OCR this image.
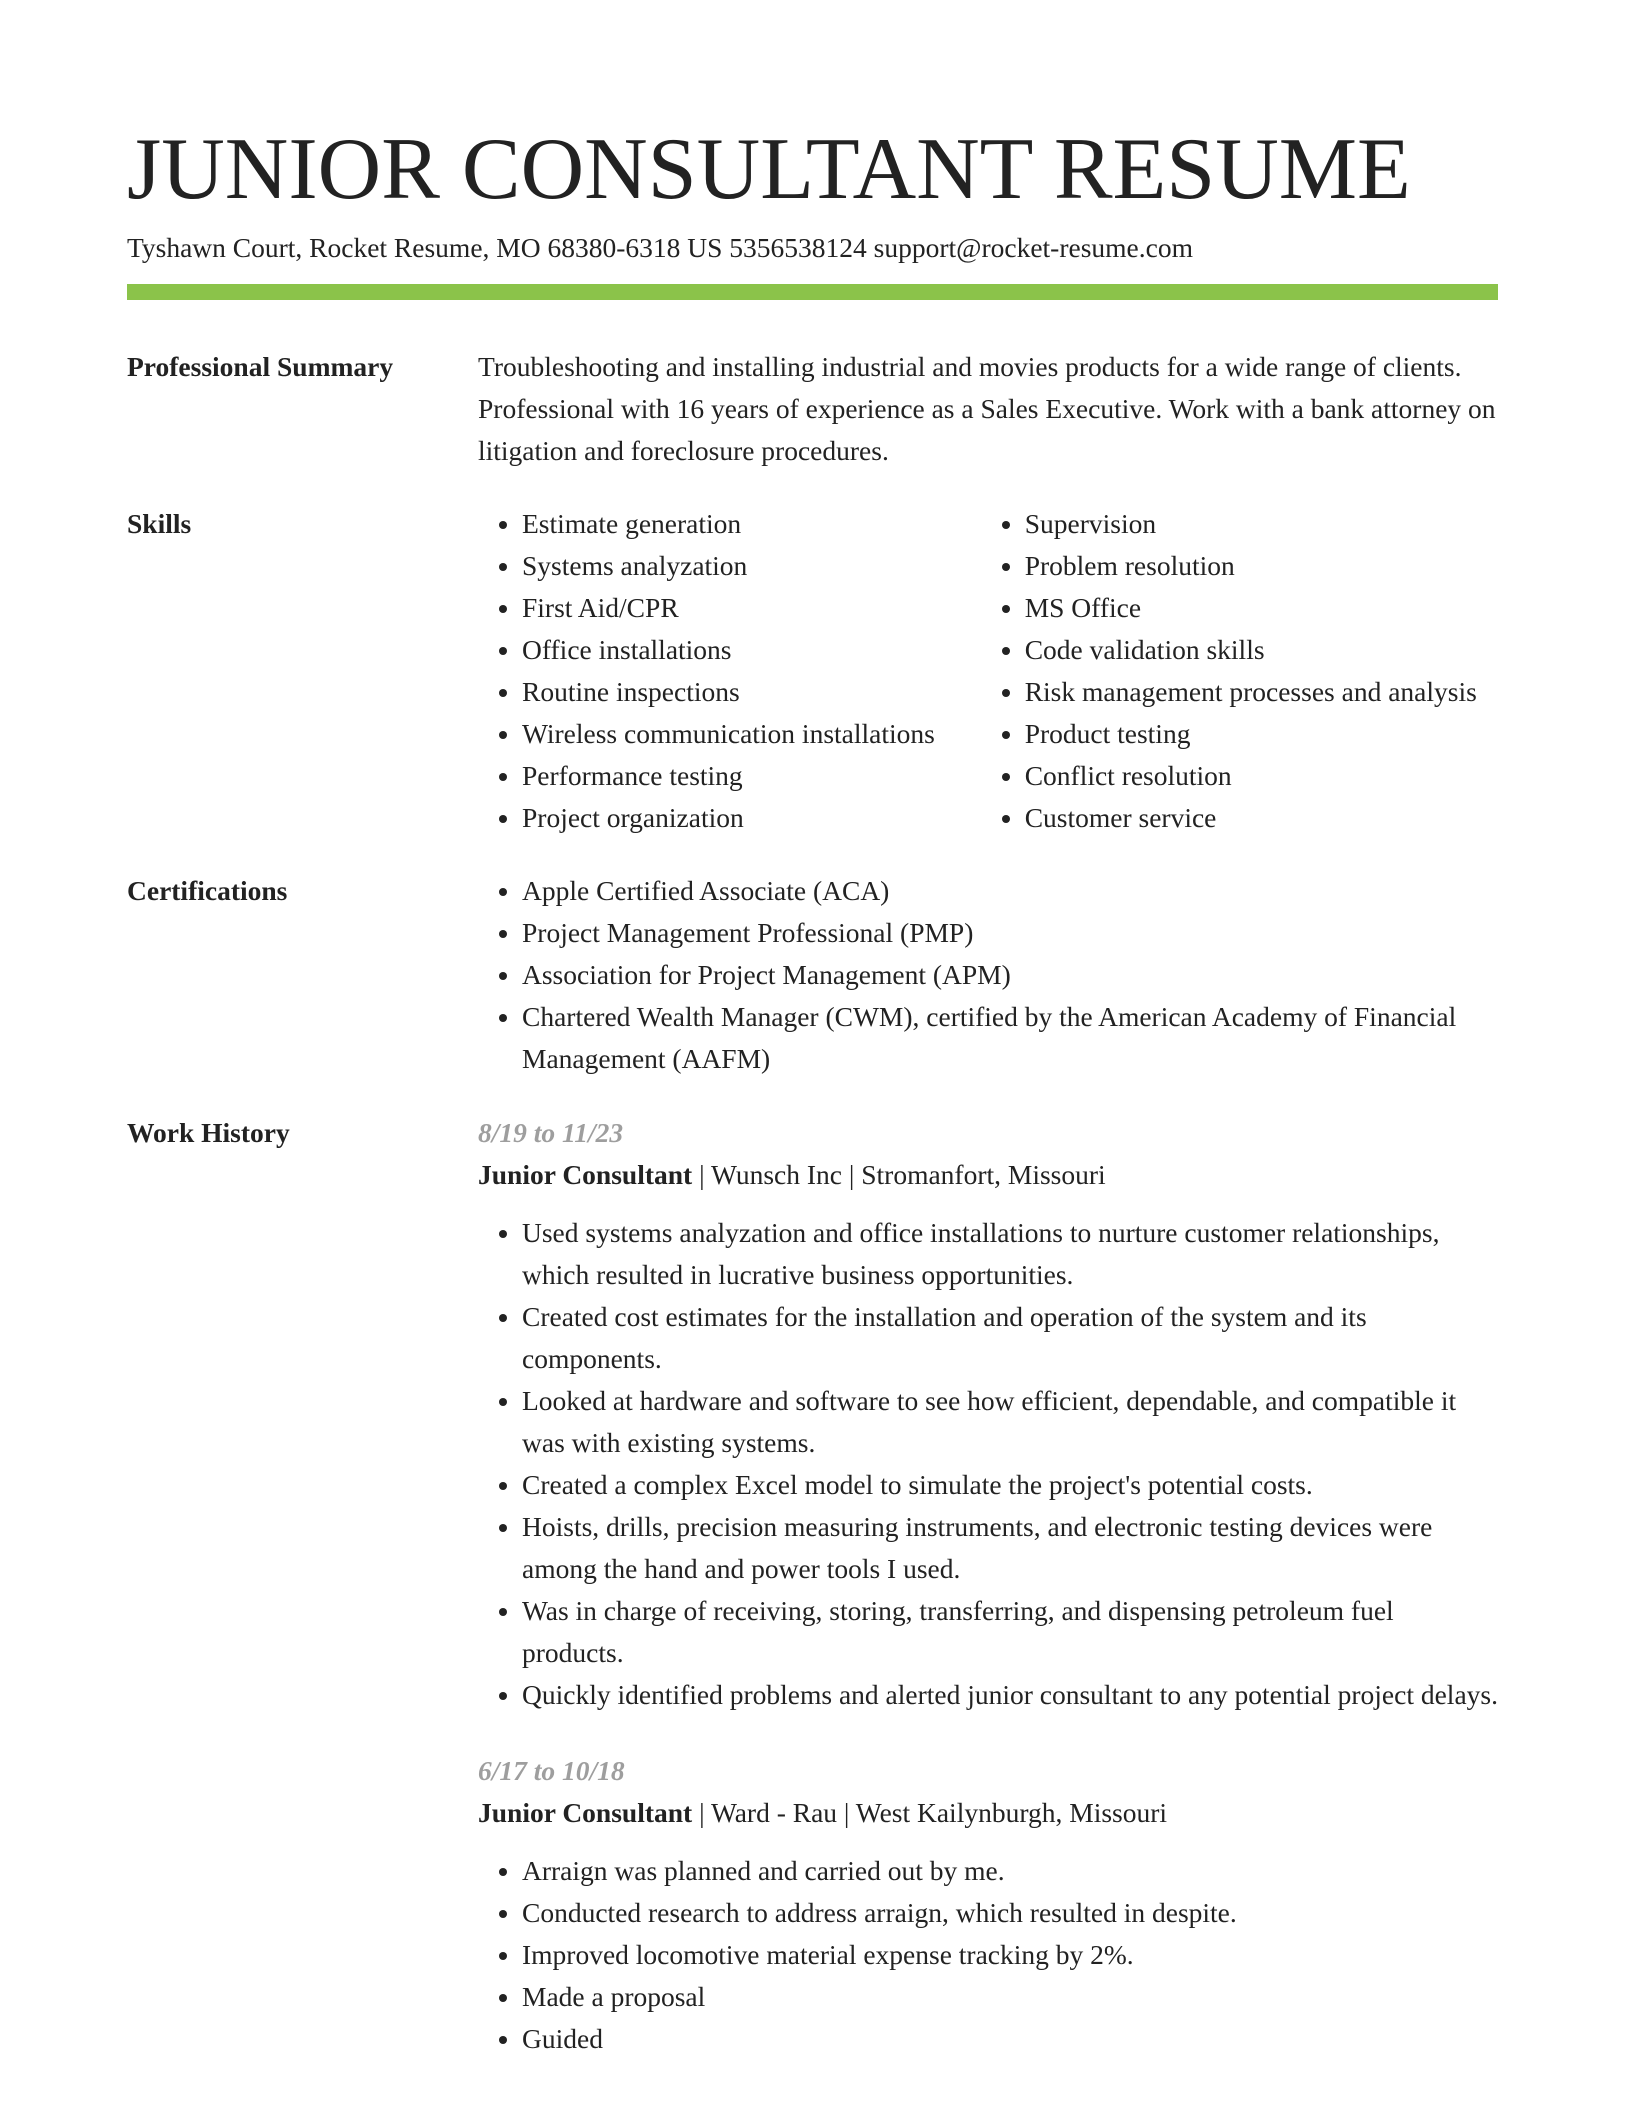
JUNIOR CONSULTANT RESUME
Tyshawn Court, Rocket Resume, MO 68380-6318 US 5356538124 support@rocket-resume.com
Professional Summary	Troubleshooting and installing industrial and movies products for a wide range of clients. Professional with 16 years of experience as a Sales Executive. Work with a bank attorney on litigation and foreclosure procedures.

Skills	• Estimate generation
• Systems analyzation
• First Aid/CPR
• Office installations
• Routine inspections
• Wireless communication installations
• Performance testing
• Project organization
• Supervision
• Problem resolution
• MS Office
• Code validation skills
• Risk management processes and analysis
• Product testing
• Conflict resolution
• Customer service
Certifications	• Apple Certified Associate (ACA)
• Project Management Professional (PMP)
• Association for Project Management (APM)
• Chartered Wealth Manager (CWM), certified by the American Academy of Financial Management (AAFM)
Work History	8/19 to 11/23
Junior Consultant | Wunsch Inc | Stromanfort, Missouri
• Used systems analyzation and office installations to nurture customer relationships, which resulted in lucrative business opportunities.
• Created cost estimates for the installation and operation of the system and its components.
• Looked at hardware and software to see how efficient, dependable, and compatible it was with existing systems.
• Created a complex Excel model to simulate the project's potential costs.
• Hoists, drills, precision measuring instruments, and electronic testing devices were among the hand and power tools I used.
• Was in charge of receiving, storing, transferring, and dispensing petroleum fuel products.
• Quickly identified problems and alerted junior consultant to any potential project delays.
6/17 to 10/18
Junior Consultant | Ward - Rau | West Kailynburgh, Missouri
• Arraign was planned and carried out by me.
• Conducted research to address arraign, which resulted in despite.
• Improved locomotive material expense tracking by 2%.
• Made a proposal
• Guided
